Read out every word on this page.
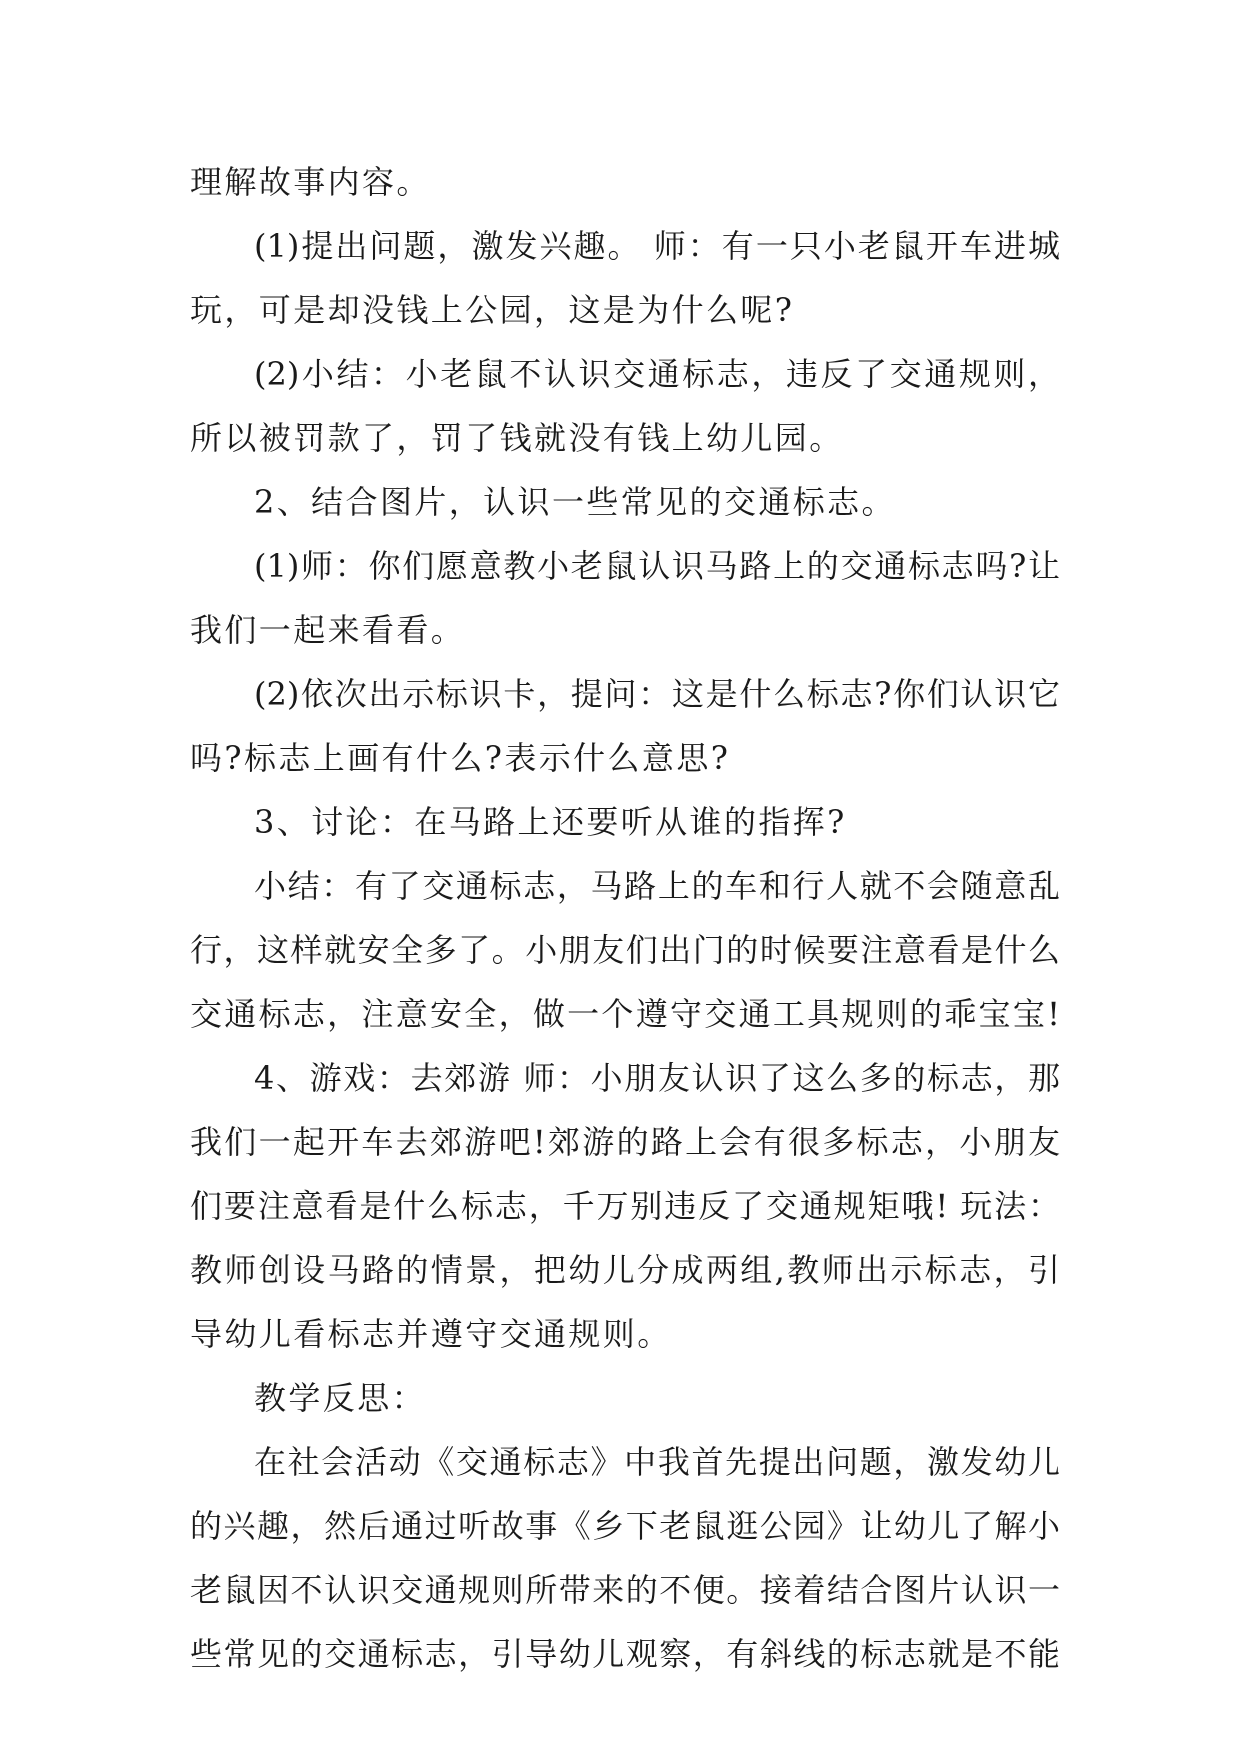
理解故事内容。

(1)提出问题，激发兴趣。 师：有一只小老鼠开车进城

玩，可是却没钱上公园，这是为什么呢?

(2)小结：小老鼠不认识交通标志，违反了交通规则，

所以被罚款了，罚了钱就没有钱上幼儿园。

2、结合图片，认识一些常见的交通标志。

(1)师：你们愿意教小老鼠认识马路上的交通标志吗?让

我们一起来看看。

(2)依次出示标识卡，提问：这是什么标志?你们认识它

吗?标志上画有什么?表示什么意思?

3、讨论：在马路上还要听从谁的指挥?

小结：有了交通标志，马路上的车和行人就不会随意乱

行，这样就安全多了。小朋友们出门的时候要注意看是什么

交通标志，注意安全，做一个遵守交通工具规则的乖宝宝!

4、游戏：去郊游 师：小朋友认识了这么多的标志，那

我们一起开车去郊游吧!郊游的路上会有很多标志，小朋友

们要注意看是什么标志，千万别违反了交通规矩哦! 玩法：

教师创设马路的情景，把幼儿分成两组,教师出示标志，引

导幼儿看标志并遵守交通规则。

教学反思：

在社会活动《交通标志》中我首先提出问题，激发幼儿

的兴趣，然后通过听故事《乡下老鼠逛公园》让幼儿了解小

老鼠因不认识交通规则所带来的不便。接着结合图片认识一

些常见的交通标志，引导幼儿观察，有斜线的标志就是不能
